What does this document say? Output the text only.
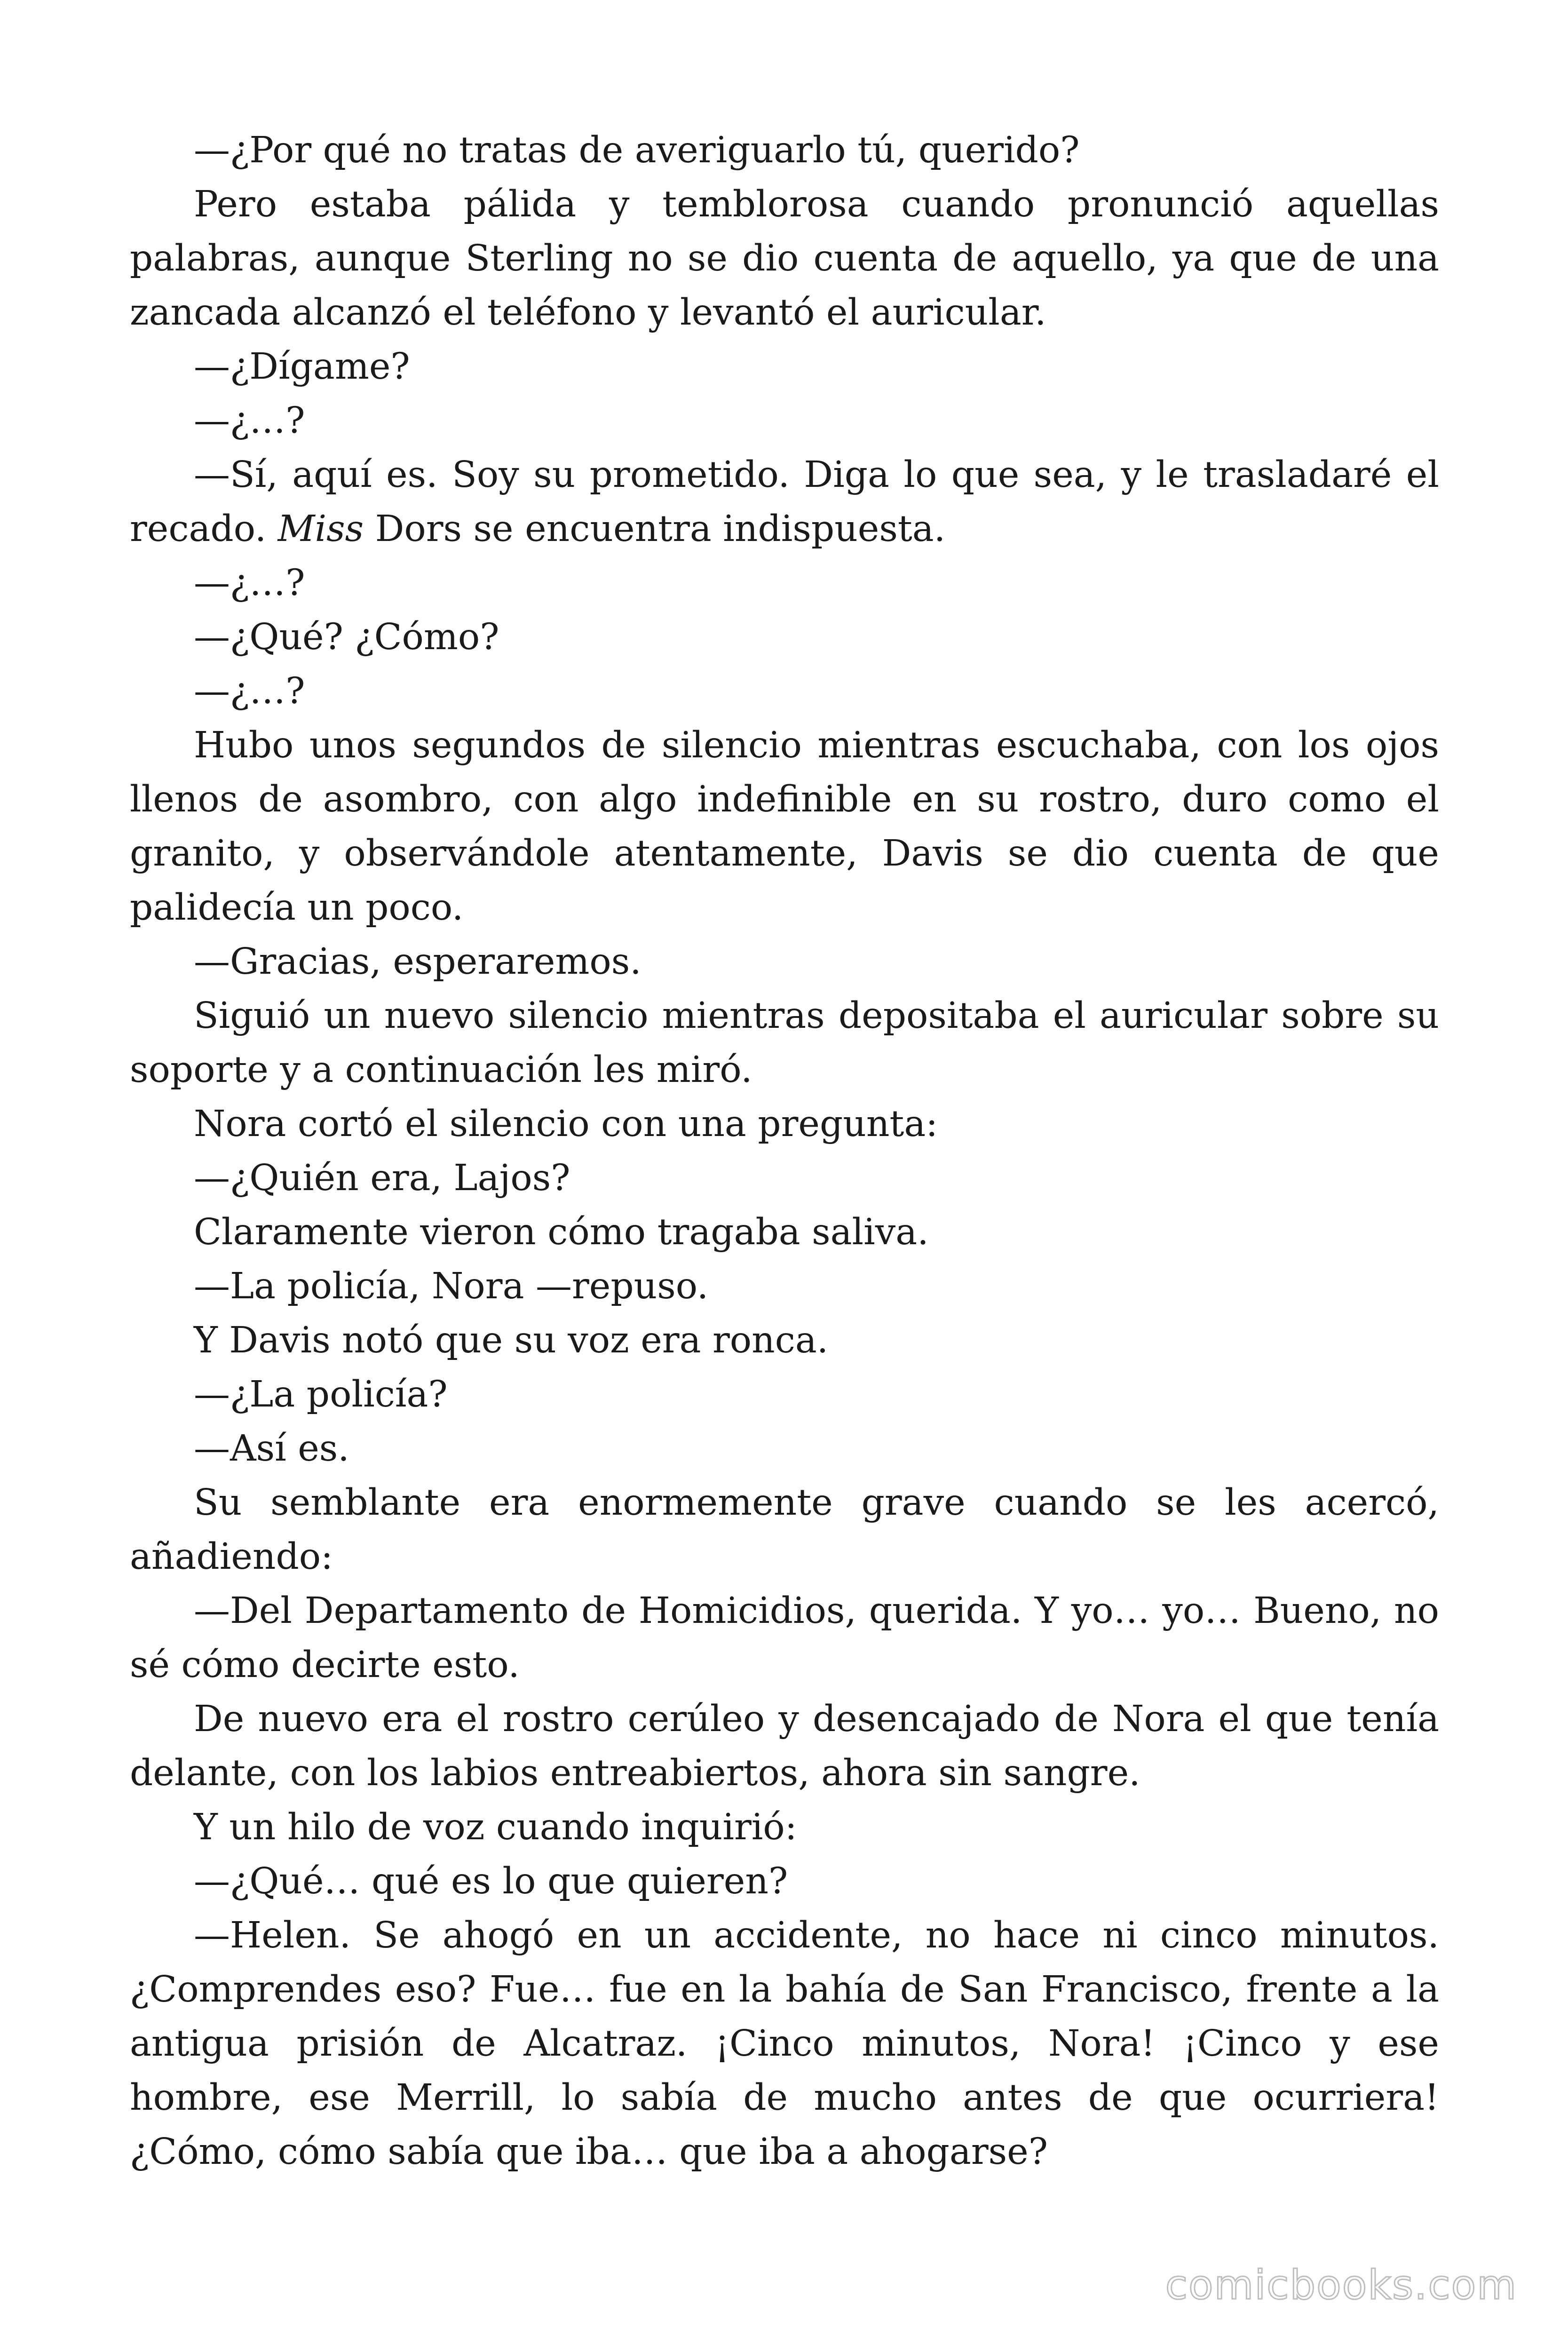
—¿Por qué no tratas de averiguarlo tú, querido?

Pero estaba pálida y temblorosa cuando pronunció aquellas palabras, aunque Sterling no se dio cuenta de aquello, ya que de una zancada alcanzó el teléfono y levantó el auricular.

—¿Dígame?

—¿…?

—Sí, aquí es. Soy su prometido. Diga lo que sea, y le trasladaré el recado. Miss Dors se encuentra indispuesta.

—¿…?

—¿Qué? ¿Cómo?

—¿…?

Hubo unos segundos de silencio mientras escuchaba, con los ojos llenos de asombro, con algo indefinible en su rostro, duro como el granito, y observándole atentamente, Davis se dio cuenta de que palidecía un poco.

—Gracias, esperaremos.

Siguió un nuevo silencio mientras depositaba el auricular sobre su soporte y a continuación les miró.

Nora cortó el silencio con una pregunta:

—¿Quién era, Lajos?

Claramente vieron cómo tragaba saliva.

—La policía, Nora —repuso.

Y Davis notó que su voz era ronca.

—¿La policía?

—Así es.

Su semblante era enormemente grave cuando se les acercó, añadiendo:

—Del Departamento de Homicidios, querida. Y yo… yo… Bueno, no sé cómo decirte esto.

De nuevo era el rostro cerúleo y desencajado de Nora el que tenía delante, con los labios entreabiertos, ahora sin sangre.

Y un hilo de voz cuando inquirió:

—¿Qué… qué es lo que quieren?

—Helen. Se ahogó en un accidente, no hace ni cinco minutos. ¿Comprendes eso? Fue… fue en la bahía de San Francisco, frente a la antigua prisión de Alcatraz. ¡Cinco minutos, Nora! ¡Cinco y ese hombre, ese Merrill, lo sabía de mucho antes de que ocurriera! ¿Cómo, cómo sabía que iba… que iba a ahogarse?

comicbooks.com
